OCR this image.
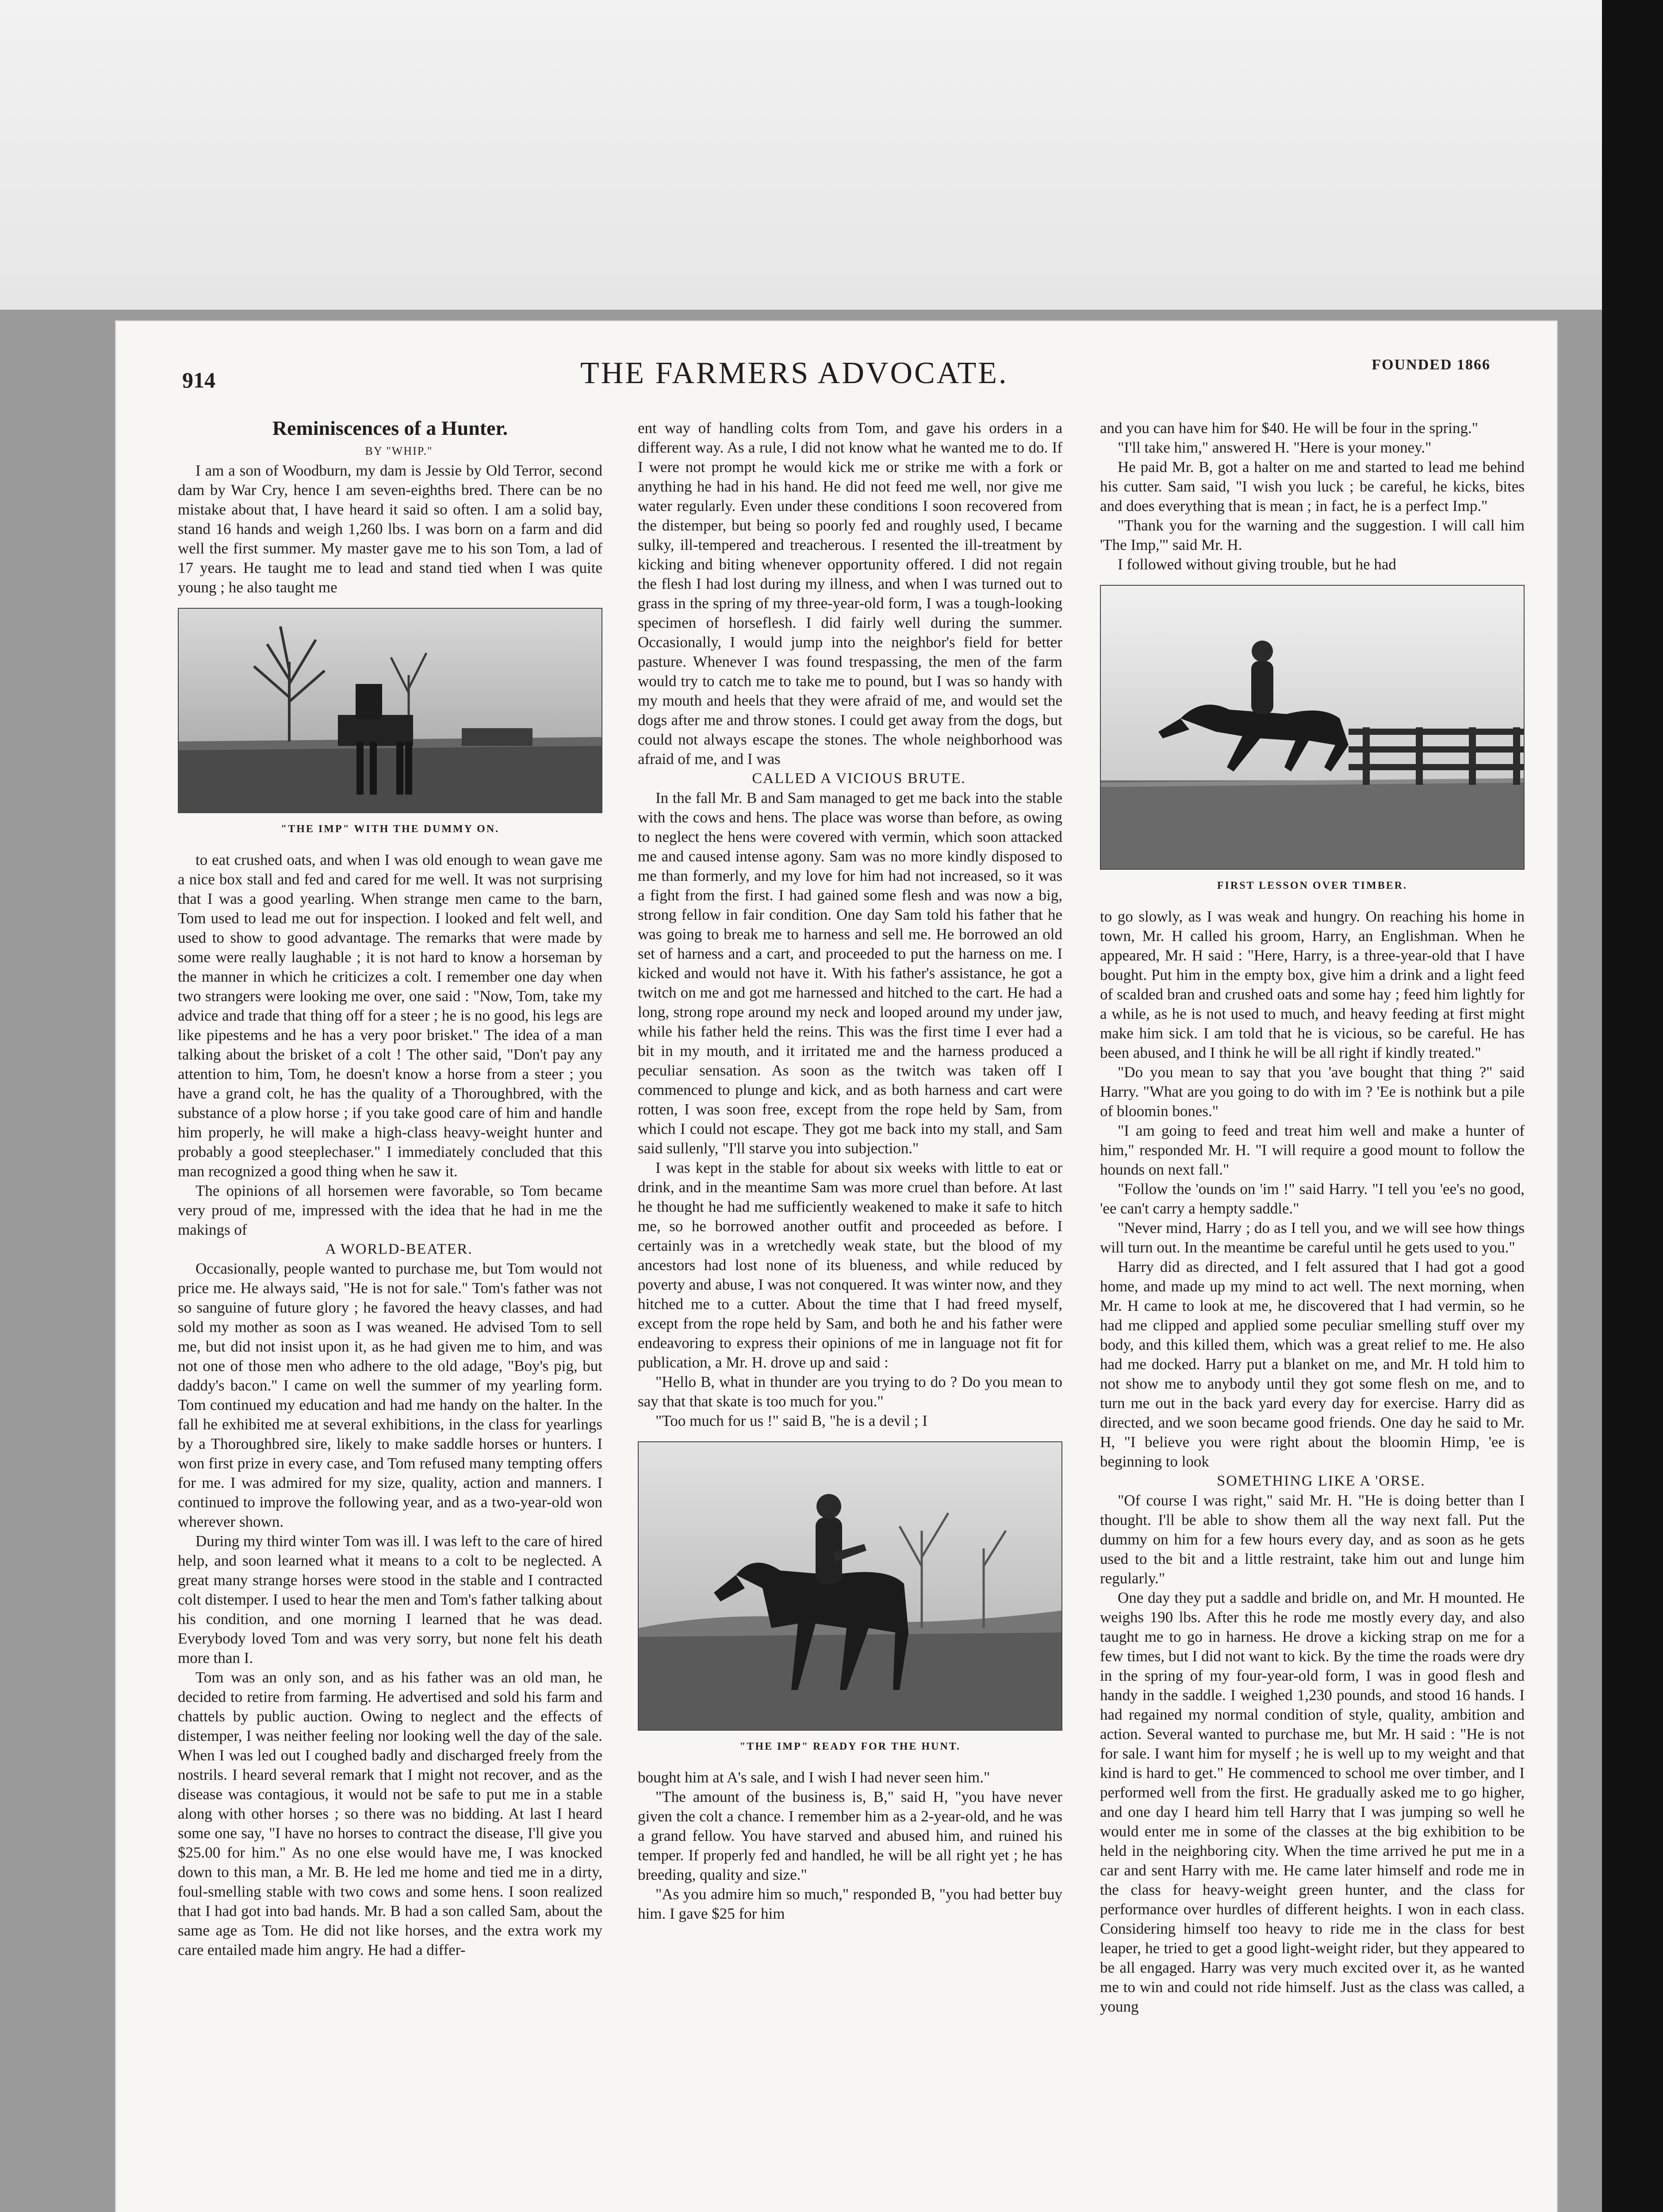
914	THE FARMERS ADVOCATE.	FOUNDED 1866
Reminiscences of a Hunter.

BY "WHIP."

I am a son of Woodburn, my dam is Jessie by Old Terror, second dam by War Cry, hence I am seven-eighths bred. There can be no mistake about that, I have heard it said so often. I am a solid bay, stand 16 hands and weigh 1,260 lbs. I was born on a farm and did well the first summer. My master gave me to his son Tom, a lad of 17 years. He taught me to lead and stand tied when I was quite young ; he also taught me

"THE IMP" WITH THE DUMMY ON.

to eat crushed oats, and when I was old enough to wean gave me a nice box stall and fed and cared for me well. It was not surprising that I was a good yearling. When strange men came to the barn, Tom used to lead me out for inspection. I looked and felt well, and used to show to good advantage. The remarks that were made by some were really laughable ; it is not hard to know a horseman by the manner in which he criticizes a colt. I remember one day when two strangers were looking me over, one said : "Now, Tom, take my advice and trade that thing off for a steer ; he is no good, his legs are like pipestems and he has a very poor brisket." The idea of a man talking about the brisket of a colt ! The other said, "Don't pay any attention to him, Tom, he doesn't know a horse from a steer ; you have a grand colt, he has the quality of a Thoroughbred, with the substance of a plow horse ; if you take good care of him and handle him properly, he will make a high-class heavy-weight hunter and probably a good steeplechaser." I immediately concluded that this man recognized a good thing when he saw it.

The opinions of all horsemen were favorable, so Tom became very proud of me, impressed with the idea that he had in me the makings of

A WORLD-BEATER.

Occasionally, people wanted to purchase me, but Tom would not price me. He always said, "He is not for sale." Tom's father was not so sanguine of future glory ; he favored the heavy classes, and had sold my mother as soon as I was weaned. He advised Tom to sell me, but did not insist upon it, as he had given me to him, and was not one of those men who adhere to the old adage, "Boy's pig, but daddy's bacon." I came on well the summer of my yearling form. Tom continued my education and had me handy on the halter. In the fall he exhibited me at several exhibitions, in the class for yearlings by a Thoroughbred sire, likely to make saddle horses or hunters. I won first prize in every case, and Tom refused many tempting offers for me. I was admired for my size, quality, action and manners. I continued to improve the following year, and as a two-year-old won wherever shown.

During my third winter Tom was ill. I was left to the care of hired help, and soon learned what it means to a colt to be neglected. A great many strange horses were stood in the stable and I contracted colt distemper. I used to hear the men and Tom's father talking about his condition, and one morning I learned that he was dead. Everybody loved Tom and was very sorry, but none felt his death more than I.

Tom was an only son, and as his father was an old man, he decided to retire from farming. He advertised and sold his farm and chattels by public auction. Owing to neglect and the effects of distemper, I was neither feeling nor looking well the day of the sale. When I was led out I coughed badly and discharged freely from the nostrils. I heard several remark that I might not recover, and as the disease was contagious, it would not be safe to put me in a stable along with other horses ; so there was no bidding. At last I heard some one say, "I have no horses to contract the disease, I'll give you $25.00 for him." As no one else would have me, I was knocked down to this man, a Mr. B. He led me home and tied me in a dirty, foul-smelling stable with two cows and some hens. I soon realized that I had got into bad hands. Mr. B had a son called Sam, about the same age as Tom. He did not like horses, and the extra work my care entailed made him angry. He had a differ-

ent way of handling colts from Tom, and gave his orders in a different way. As a rule, I did not know what he wanted me to do. If I were not prompt he would kick me or strike me with a fork or anything he had in his hand. He did not feed me well, nor give me water regularly. Even under these conditions I soon recovered from the distemper, but being so poorly fed and roughly used, I became sulky, ill-tempered and treacherous. I resented the ill-treatment by kicking and biting whenever opportunity offered. I did not regain the flesh I had lost during my illness, and when I was turned out to grass in the spring of my three-year-old form, I was a tough-looking specimen of horseflesh. I did fairly well during the summer. Occasionally, I would jump into the neighbor's field for better pasture. Whenever I was found trespassing, the men of the farm would try to catch me to take me to pound, but I was so handy with my mouth and heels that they were afraid of me, and would set the dogs after me and throw stones. I could get away from the dogs, but could not always escape the stones. The whole neighborhood was afraid of me, and I was

CALLED A VICIOUS BRUTE.

In the fall Mr. B and Sam managed to get me back into the stable with the cows and hens. The place was worse than before, as owing to neglect the hens were covered with vermin, which soon attacked me and caused intense agony. Sam was no more kindly disposed to me than formerly, and my love for him had not increased, so it was a fight from the first. I had gained some flesh and was now a big, strong fellow in fair condition. One day Sam told his father that he was going to break me to harness and sell me. He borrowed an old set of harness and a cart, and proceeded to put the harness on me. I kicked and would not have it. With his father's assistance, he got a twitch on me and got me harnessed and hitched to the cart. He had a long, strong rope around my neck and looped around my under jaw, while his father held the reins. This was the first time I ever had a bit in my mouth, and it irritated me and the harness produced a peculiar sensation. As soon as the twitch was taken off I commenced to plunge and kick, and as both harness and cart were rotten, I was soon free, except from the rope held by Sam, from which I could not escape. They got me back into my stall, and Sam said sullenly, "I'll starve you into subjection."

I was kept in the stable for about six weeks with little to eat or drink, and in the meantime Sam was more cruel than before. At last he thought he had me sufficiently weakened to make it safe to hitch me, so he borrowed another outfit and proceeded as before. I certainly was in a wretchedly weak state, but the blood of my ancestors had lost none of its blueness, and while reduced by poverty and abuse, I was not conquered. It was winter now, and they hitched me to a cutter. About the time that I had freed myself, except from the rope held by Sam, and both he and his father were endeavoring to express their opinions of me in language not fit for publication, a Mr. H. drove up and said :

"Hello B, what in thunder are you trying to do ? Do you mean to say that that skate is too much for you."

"Too much for us !" said B, "he is a devil ; I

"THE IMP" READY FOR THE HUNT.

bought him at A's sale, and I wish I had never seen him."

"The amount of the business is, B," said H, "you have never given the colt a chance. I remember him as a 2-year-old, and he was a grand fellow. You have starved and abused him, and ruined his temper. If properly fed and handled, he will be all right yet ; he has breeding, quality and size."

"As you admire him so much," responded B, "you had better buy him. I gave $25 for him

and you can have him for $40. He will be four in the spring."

"I'll take him," answered H. "Here is your money."

He paid Mr. B, got a halter on me and started to lead me behind his cutter. Sam said, "I wish you luck ; be careful, he kicks, bites and does everything that is mean ; in fact, he is a perfect Imp."

"Thank you for the warning and the suggestion. I will call him 'The Imp,'" said Mr. H.

I followed without giving trouble, but he had

FIRST LESSON OVER TIMBER.

to go slowly, as I was weak and hungry. On reaching his home in town, Mr. H called his groom, Harry, an Englishman. When he appeared, Mr. H said : "Here, Harry, is a three-year-old that I have bought. Put him in the empty box, give him a drink and a light feed of scalded bran and crushed oats and some hay ; feed him lightly for a while, as he is not used to much, and heavy feeding at first might make him sick. I am told that he is vicious, so be careful. He has been abused, and I think he will be all right if kindly treated."

"Do you mean to say that you 'ave bought that thing ?" said Harry. "What are you going to do with im ? 'Ee is nothink but a pile of bloomin bones."

"I am going to feed and treat him well and make a hunter of him," responded Mr. H. "I will require a good mount to follow the hounds on next fall."

"Follow the 'ounds on 'im !" said Harry. "I tell you 'ee's no good, 'ee can't carry a hempty saddle."

"Never mind, Harry ; do as I tell you, and we will see how things will turn out. In the meantime be careful until he gets used to you."

Harry did as directed, and I felt assured that I had got a good home, and made up my mind to act well. The next morning, when Mr. H came to look at me, he discovered that I had vermin, so he had me clipped and applied some peculiar smelling stuff over my body, and this killed them, which was a great relief to me. He also had me docked. Harry put a blanket on me, and Mr. H told him to not show me to anybody until they got some flesh on me, and to turn me out in the back yard every day for exercise. Harry did as directed, and we soon became good friends. One day he said to Mr. H, "I believe you were right about the bloomin Himp, 'ee is beginning to look

SOMETHING LIKE A 'ORSE.

"Of course I was right," said Mr. H. "He is doing better than I thought. I'll be able to show them all the way next fall. Put the dummy on him for a few hours every day, and as soon as he gets used to the bit and a little restraint, take him out and lunge him regularly."

One day they put a saddle and bridle on, and Mr. H mounted. He weighs 190 lbs. After this he rode me mostly every day, and also taught me to go in harness. He drove a kicking strap on me for a few times, but I did not want to kick. By the time the roads were dry in the spring of my four-year-old form, I was in good flesh and handy in the saddle. I weighed 1,230 pounds, and stood 16 hands. I had regained my normal condition of style, quality, ambition and action. Several wanted to purchase me, but Mr. H said : "He is not for sale. I want him for myself ; he is well up to my weight and that kind is hard to get." He commenced to school me over timber, and I performed well from the first. He gradually asked me to go higher, and one day I heard him tell Harry that I was jumping so well he would enter me in some of the classes at the big exhibition to be held in the neighboring city. When the time arrived he put me in a car and sent Harry with me. He came later himself and rode me in the class for heavy-weight green hunter, and the class for performance over hurdles of different heights. I won in each class. Considering himself too heavy to ride me in the class for best leaper, he tried to get a good light-weight rider, but they appeared to be all engaged. Harry was very much excited over it, as he wanted me to win and could not ride himself. Just as the class was called, a young
